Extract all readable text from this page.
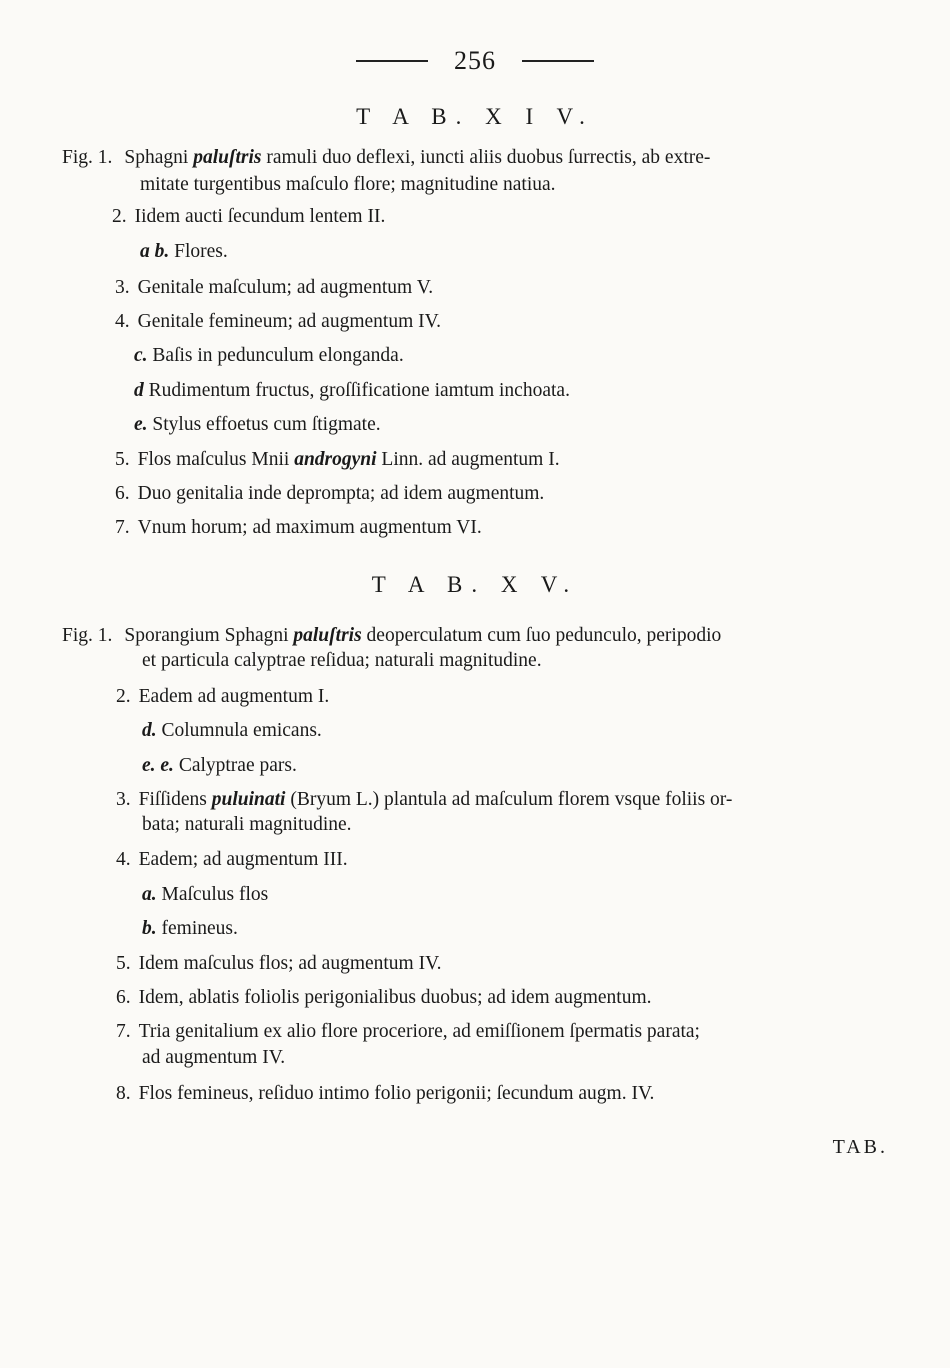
256
T A B. X I V.
Fig. 1. Sphagni paluſtris ramuli duo deflexi, iuncti aliis duobus ſurrectis, ab extre-
mitate turgentibus maſculo flore; magnitudine natiua.
2. Iidem aucti ſecundum lentem II.
a b. Flores.
3. Genitale maſculum; ad augmentum V.
4. Genitale femineum; ad augmentum IV.
c. Baſis in pedunculum elonganda.
d Rudimentum fructus, groſſificatione iamtum inchoata.
e. Stylus effoetus cum ſtigmate.
5. Flos maſculus Mnii androgyni Linn. ad augmentum I.
6. Duo genitalia inde deprompta; ad idem augmentum.
7. Vnum horum; ad maximum augmentum VI.
T A B. X V.
Fig. 1. Sporangium Sphagni paluſtris deoperculatum cum ſuo pedunculo, peripodio
et particula calyptrae reſidua; naturali magnitudine.
2. Eadem ad augmentum I.
d. Columnula emicans.
e. e. Calyptrae pars.
3. Fiſſidens puluinati (Bryum L.) plantula ad maſculum florem vsque foliis or-
bata; naturali magnitudine.
4. Eadem; ad augmentum III.
a. Maſculus flos
b. femineus.
5. Idem maſculus flos; ad augmentum IV.
6. Idem, ablatis foliolis perigonialibus duobus; ad idem augmentum.
7. Tria genitalium ex alio flore proceriore, ad emiſſionem ſpermatis parata;
ad augmentum IV.
8. Flos femineus, reſiduo intimo folio perigonii; ſecundum augm. IV.
TAB.
